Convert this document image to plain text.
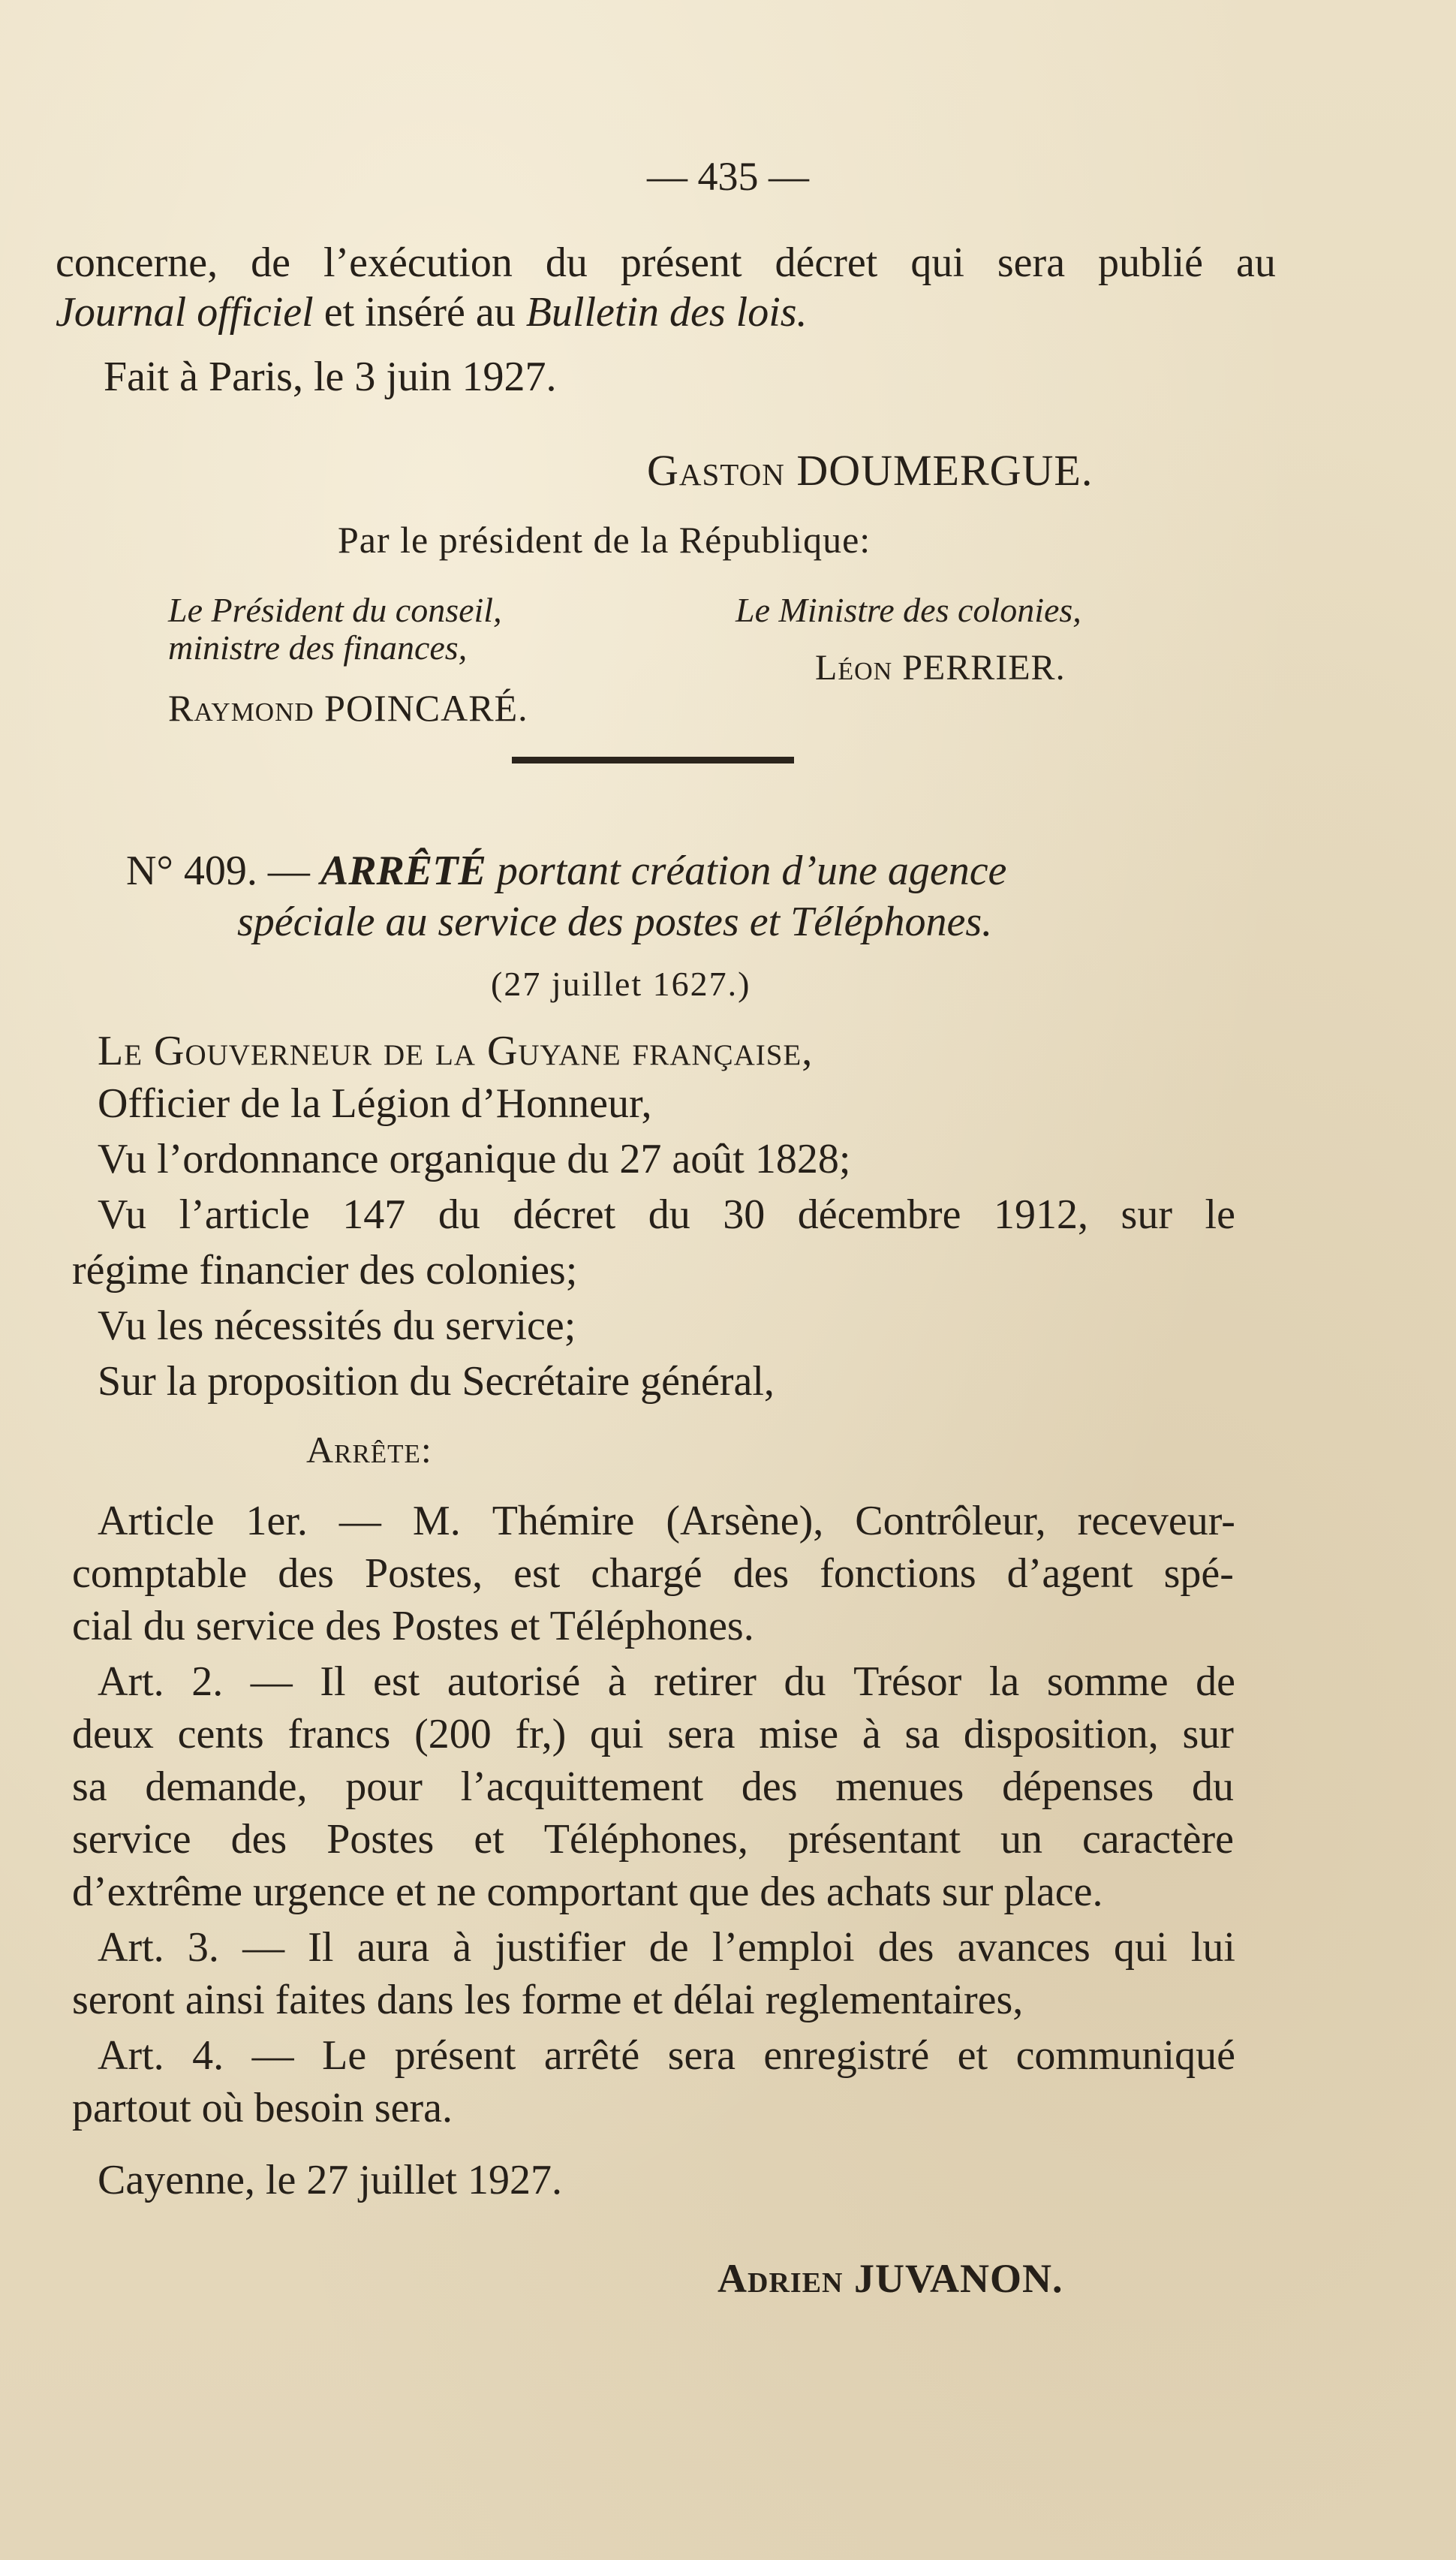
— 435 —
concerne, de l’exécution du présent décret qui sera publié au
Journal officiel et inséré au Bulletin des lois.
Fait à Paris, le 3 juin 1927.
Gaston DOUMERGUE.
Par le président de la République:
Le Président du conseil,
ministre des finances,
Raymond POINCARÉ.
Le Ministre des colonies,
Léon PERRIER.
N° 409. — ARRÊTÉ portant création d’une agence
spéciale au service des postes et Téléphones.
(27 juillet 1627.)
Le Gouverneur de la Guyane française,
Officier de la Légion d’Honneur,
Vu l’ordonnance organique du 27 août 1828;
Vu l’article 147 du décret du 30 décembre 1912, sur le
régime financier des colonies;
Vu les nécessités du service;
Sur la proposition du Secrétaire général,
Arrête:
Article 1er. — M. Thémire (Arsène), Contrôleur, receveur-
comptable des Postes, est chargé des fonctions d’agent spé-
cial du service des Postes et Téléphones.
Art. 2. — Il est autorisé à retirer du Trésor la somme de
deux cents francs (200 fr,) qui sera mise à sa disposition, sur
sa demande, pour l’acquittement des menues dépenses du
service des Postes et Téléphones, présentant un caractère
d’extrême urgence et ne comportant que des achats sur place.
Art. 3. — Il aura à justifier de l’emploi des avances qui lui
seront ainsi faites dans les forme et délai reglementaires,
Art. 4. — Le présent arrêté sera enregistré et communiqué
partout où besoin sera.
Cayenne, le 27 juillet 1927.
Adrien JUVANON.
